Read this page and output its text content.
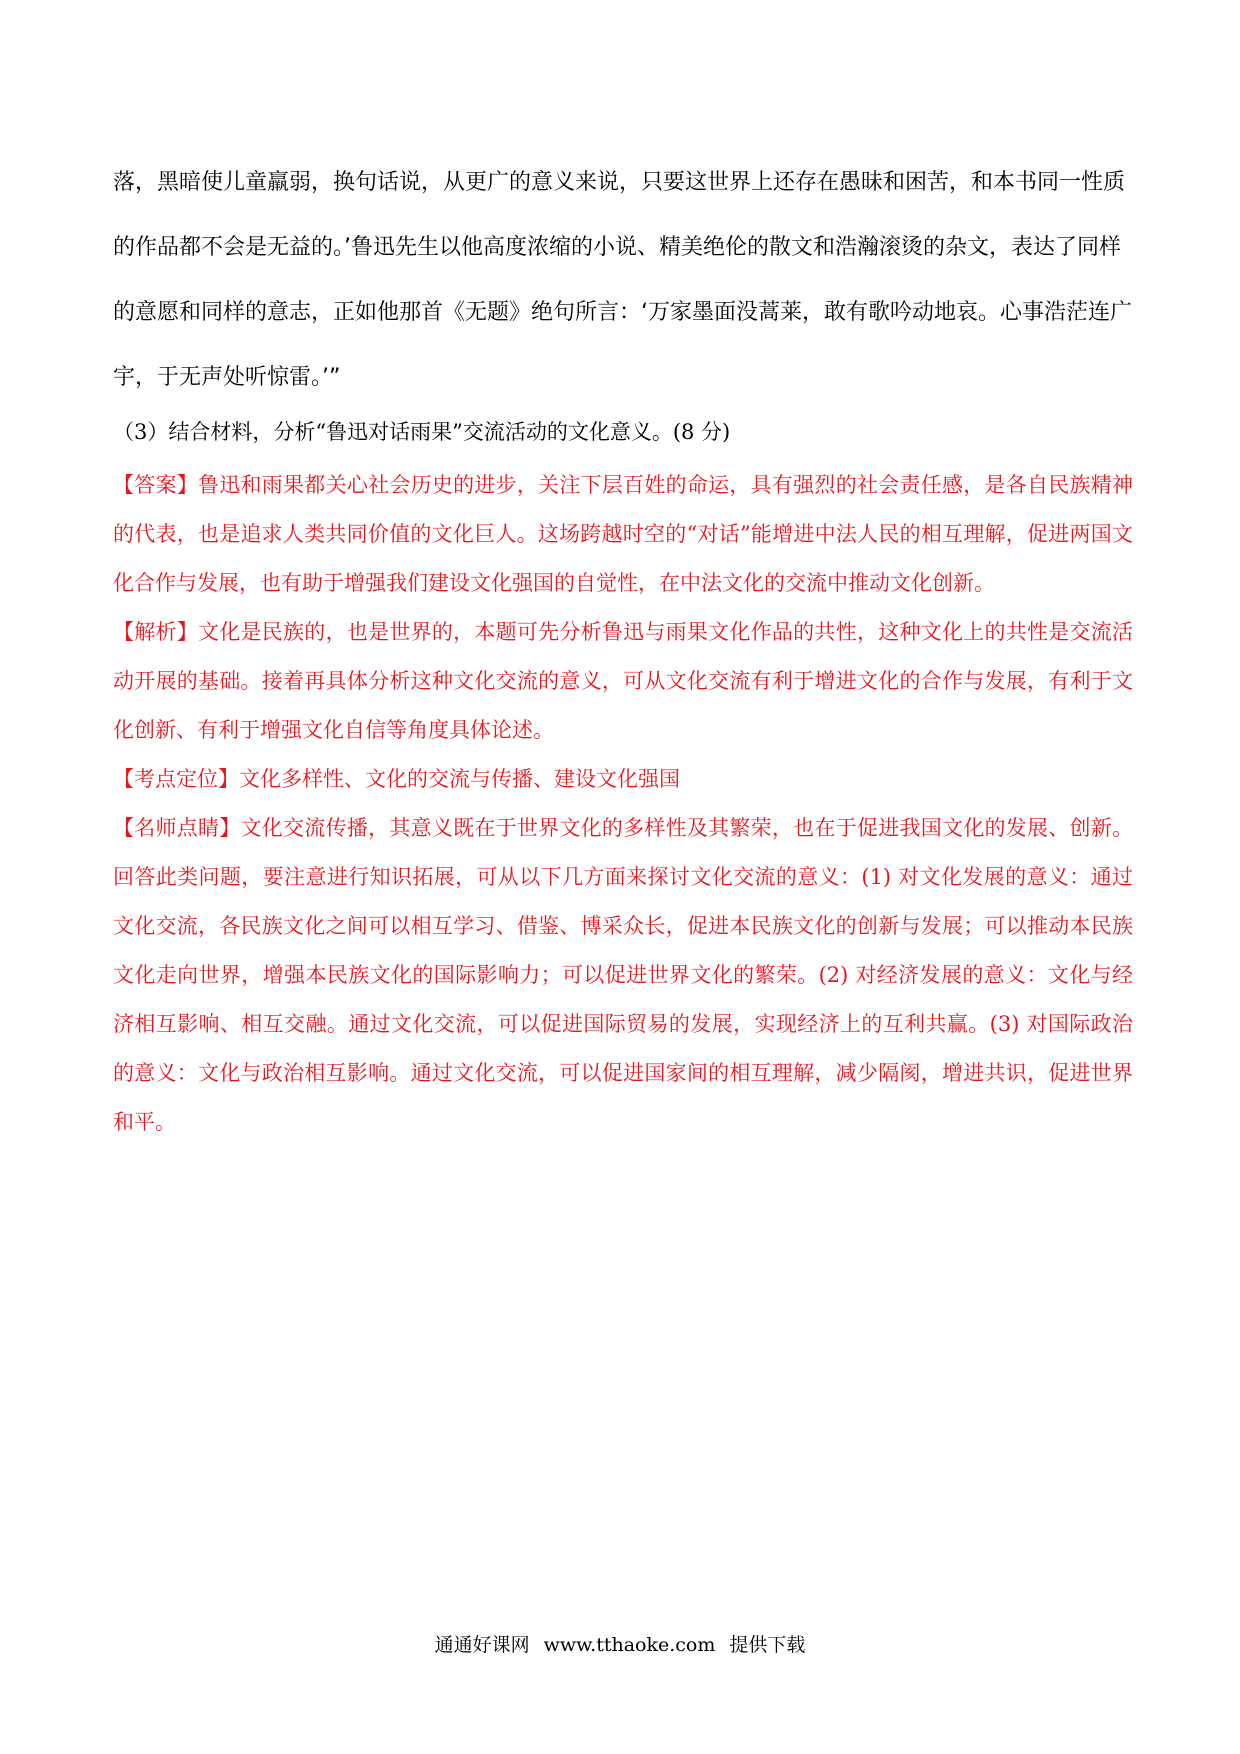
落，黑暗使儿童羸弱，换句话说，从更广的意义来说，只要这世界上还存在愚昧和困苦，和本书同一性质

的作品都不会是无益的。’鲁迅先生以他高度浓缩的小说、精美绝伦的散文和浩瀚滚烫的杂文，表达了同样

的意愿和同样的意志，正如他那首《无题》绝句所言：‘万家墨面没蒿莱，敢有歌吟动地哀。心事浩茫连广

宇，于无声处听惊雷。’”

（3）结合材料，分析“鲁迅对话雨果”交流活动的文化意义。(8 分)

【答案】鲁迅和雨果都关心社会历史的进步，关注下层百姓的命运，具有强烈的社会责任感，是各自民族精神的代表，也是追求人类共同价值的文化巨人。这场跨越时空的“对话”能增进中法人民的相互理解，促进两国文化合作与发展，也有助于增强我们建设文化强国的自觉性，在中法文化的交流中推动文化创新。

【解析】文化是民族的，也是世界的，本题可先分析鲁迅与雨果文化作品的共性，这种文化上的共性是交流活动开展的基础。接着再具体分析这种文化交流的意义，可从文化交流有利于增进文化的合作与发展，有利于文化创新、有利于增强文化自信等角度具体论述。

【考点定位】文化多样性、文化的交流与传播、建设文化强国

【名师点睛】文化交流传播，其意义既在于世界文化的多样性及其繁荣，也在于促进我国文化的发展、创新。回答此类问题，要注意进行知识拓展，可从以下几方面来探讨文化交流的意义：(1) 对文化发展的意义：通过文化交流，各民族文化之间可以相互学习、借鉴、博采众长，促进本民族文化的创新与发展；可以推动本民族文化走向世界，增强本民族文化的国际影响力；可以促进世界文化的繁荣。(2) 对经济发展的意义：文化与经济相互影响、相互交融。通过文化交流，可以促进国际贸易的发展，实现经济上的互利共赢。(3) 对国际政治的意义：文化与政治相互影响。通过文化交流，可以促进国家间的相互理解，减少隔阂，增进共识，促进世界和平。

通通好课网 www.tthaoke.com 提供下载
